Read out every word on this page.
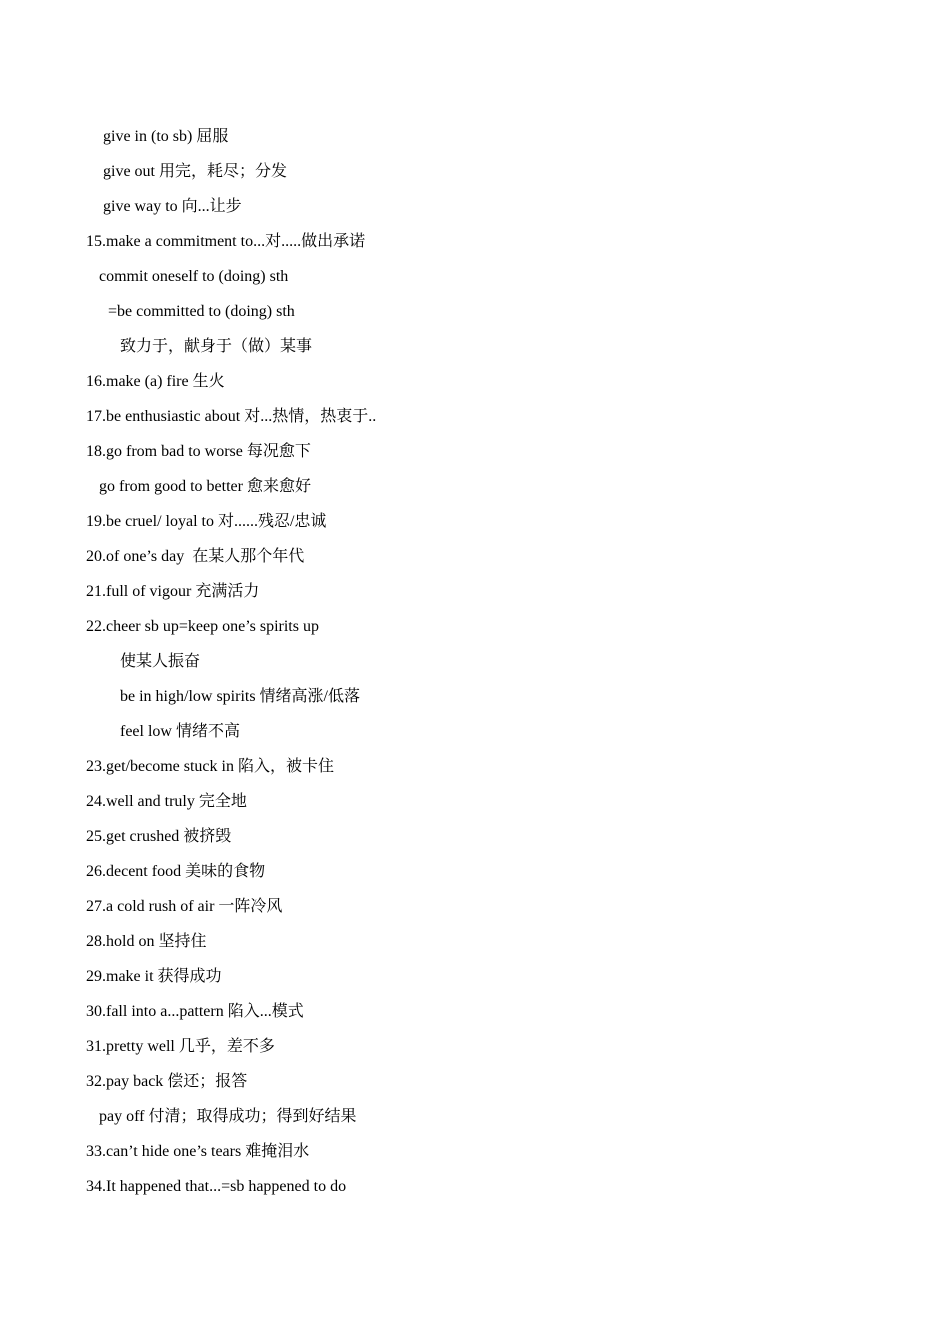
give in (to sb) 屈服
give out 用完，耗尽；分发
give way to 向...让步
15.make a commitment to...对.....做出承诺
commit oneself to (doing) sth
=be committed to (doing) sth
致力于，献身于（做）某事
16.make (a) fire 生火
17.be enthusiastic about 对...热情，热衷于..
18.go from bad to worse 每况愈下
go from good to better 愈来愈好
19.be cruel/ loyal to 对......残忍/忠诚
20.of one’s day  在某人那个年代
21.full of vigour 充满活力
22.cheer sb up=keep one’s spirits up
使某人振奋
be in high/low spirits 情绪高涨/低落
feel low 情绪不高
23.get/become stuck in 陷入，被卡住
24.well and truly 完全地
25.get crushed 被挤毁
26.decent food 美味的食物
27.a cold rush of air 一阵冷风
28.hold on 坚持住
29.make it 获得成功
30.fall into a...pattern 陷入...模式
31.pretty well 几乎，差不多
32.pay back 偿还；报答
pay off 付清；取得成功；得到好结果
33.can’t hide one’s tears 难掩泪水
34.It happened that...=sb happened to do
